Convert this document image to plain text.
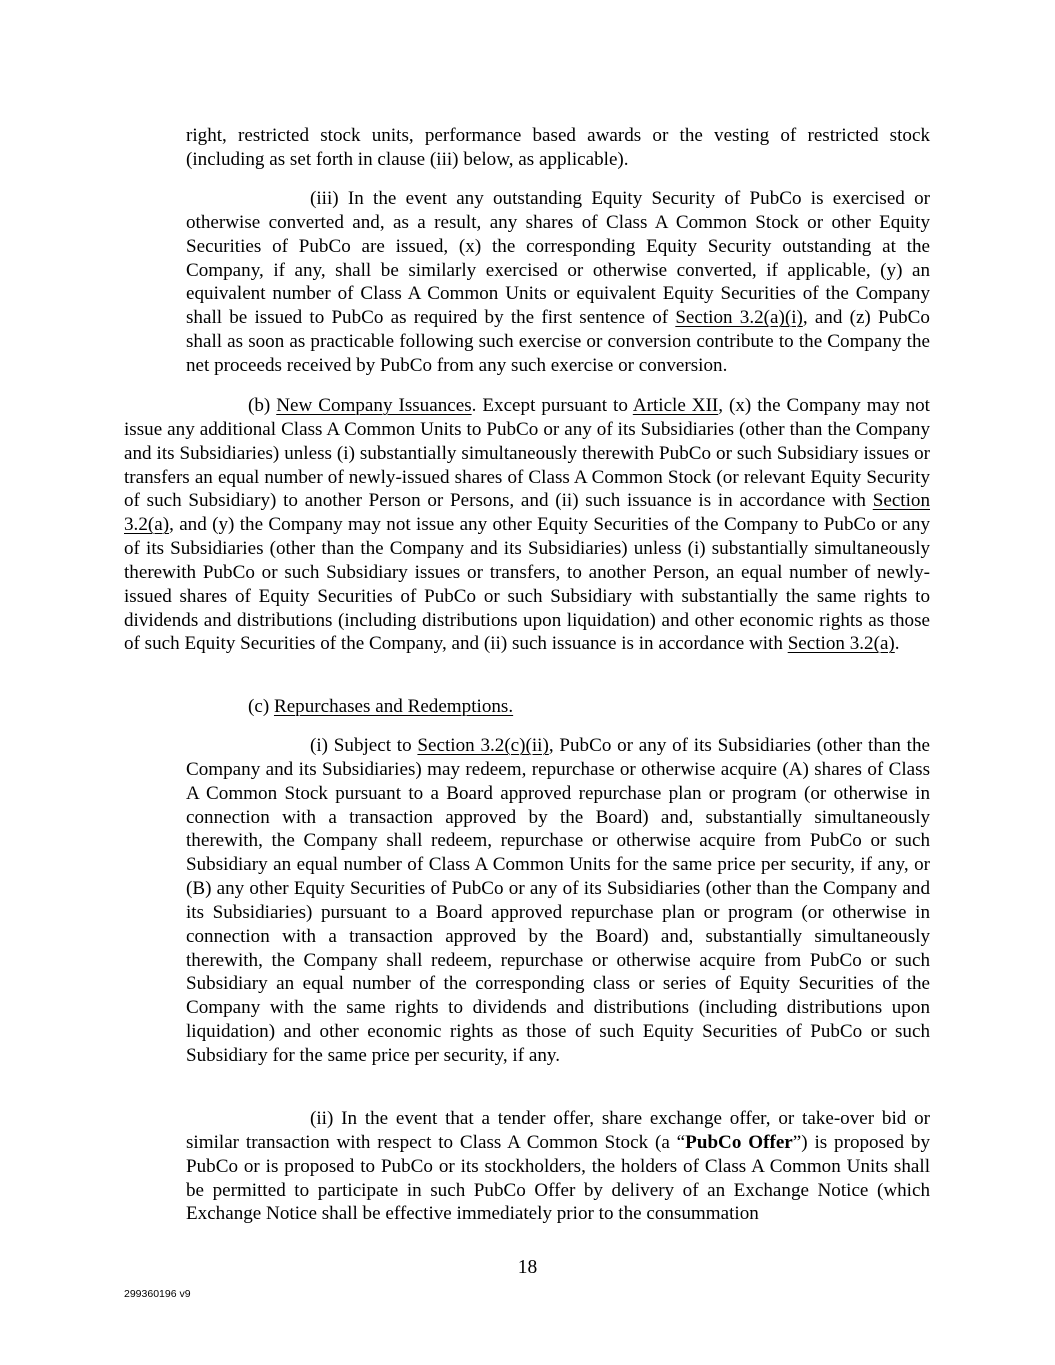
right, restricted stock units, performance based awards or the vesting of restricted stock (including as set forth in clause (iii) below, as applicable).

(iii) In the event any outstanding Equity Security of PubCo is exercised or otherwise converted and, as a result, any shares of Class A Common Stock or other Equity Securities of PubCo are issued, (x) the corresponding Equity Security outstanding at the Company, if any, shall be similarly exercised or otherwise converted, if applicable, (y) an equivalent number of Class A Common Units or equivalent Equity Securities of the Company shall be issued to PubCo as required by the first sentence of Section 3.2(a)(i), and (z) PubCo shall as soon as practicable following such exercise or conversion contribute to the Company the net proceeds received by PubCo from any such exercise or conversion.

(b) New Company Issuances. Except pursuant to Article XII, (x) the Company may not issue any additional Class A Common Units to PubCo or any of its Subsidiaries (other than the Company and its Subsidiaries) unless (i) substantially simultaneously therewith PubCo or such Subsidiary issues or transfers an equal number of newly-issued shares of Class A Common Stock (or relevant Equity Security of such Subsidiary) to another Person or Persons, and (ii) such issuance is in accordance with Section 3.2(a), and (y) the Company may not issue any other Equity Securities of the Company to PubCo or any of its Subsidiaries (other than the Company and its Subsidiaries) unless (i) substantially simultaneously therewith PubCo or such Subsidiary issues or transfers, to another Person, an equal number of newly-issued shares of Equity Securities of PubCo or such Subsidiary with substantially the same rights to dividends and distributions (including distributions upon liquidation) and other economic rights as those of such Equity Securities of the Company, and (ii) such issuance is in accordance with Section 3.2(a).

(c) Repurchases and Redemptions.

(i) Subject to Section 3.2(c)(ii), PubCo or any of its Subsidiaries (other than the Company and its Subsidiaries) may redeem, repurchase or otherwise acquire (A) shares of Class A Common Stock pursuant to a Board approved repurchase plan or program (or otherwise in connection with a transaction approved by the Board) and, substantially simultaneously therewith, the Company shall redeem, repurchase or otherwise acquire from PubCo or such Subsidiary an equal number of Class A Common Units for the same price per security, if any, or (B) any other Equity Securities of PubCo or any of its Subsidiaries (other than the Company and its Subsidiaries) pursuant to a Board approved repurchase plan or program (or otherwise in connection with a transaction approved by the Board) and, substantially simultaneously therewith, the Company shall redeem, repurchase or otherwise acquire from PubCo or such Subsidiary an equal number of the corresponding class or series of Equity Securities of the Company with the same rights to dividends and distributions (including distributions upon liquidation) and other economic rights as those of such Equity Securities of PubCo or such Subsidiary for the same price per security, if any.

(ii) In the event that a tender offer, share exchange offer, or take-over bid or similar transaction with respect to Class A Common Stock (a “PubCo Offer”) is proposed by PubCo or is proposed to PubCo or its stockholders, the holders of Class A Common Units shall be permitted to participate in such PubCo Offer by delivery of an Exchange Notice (which Exchange Notice shall be effective immediately prior to the consummation

18
299360196 v9
